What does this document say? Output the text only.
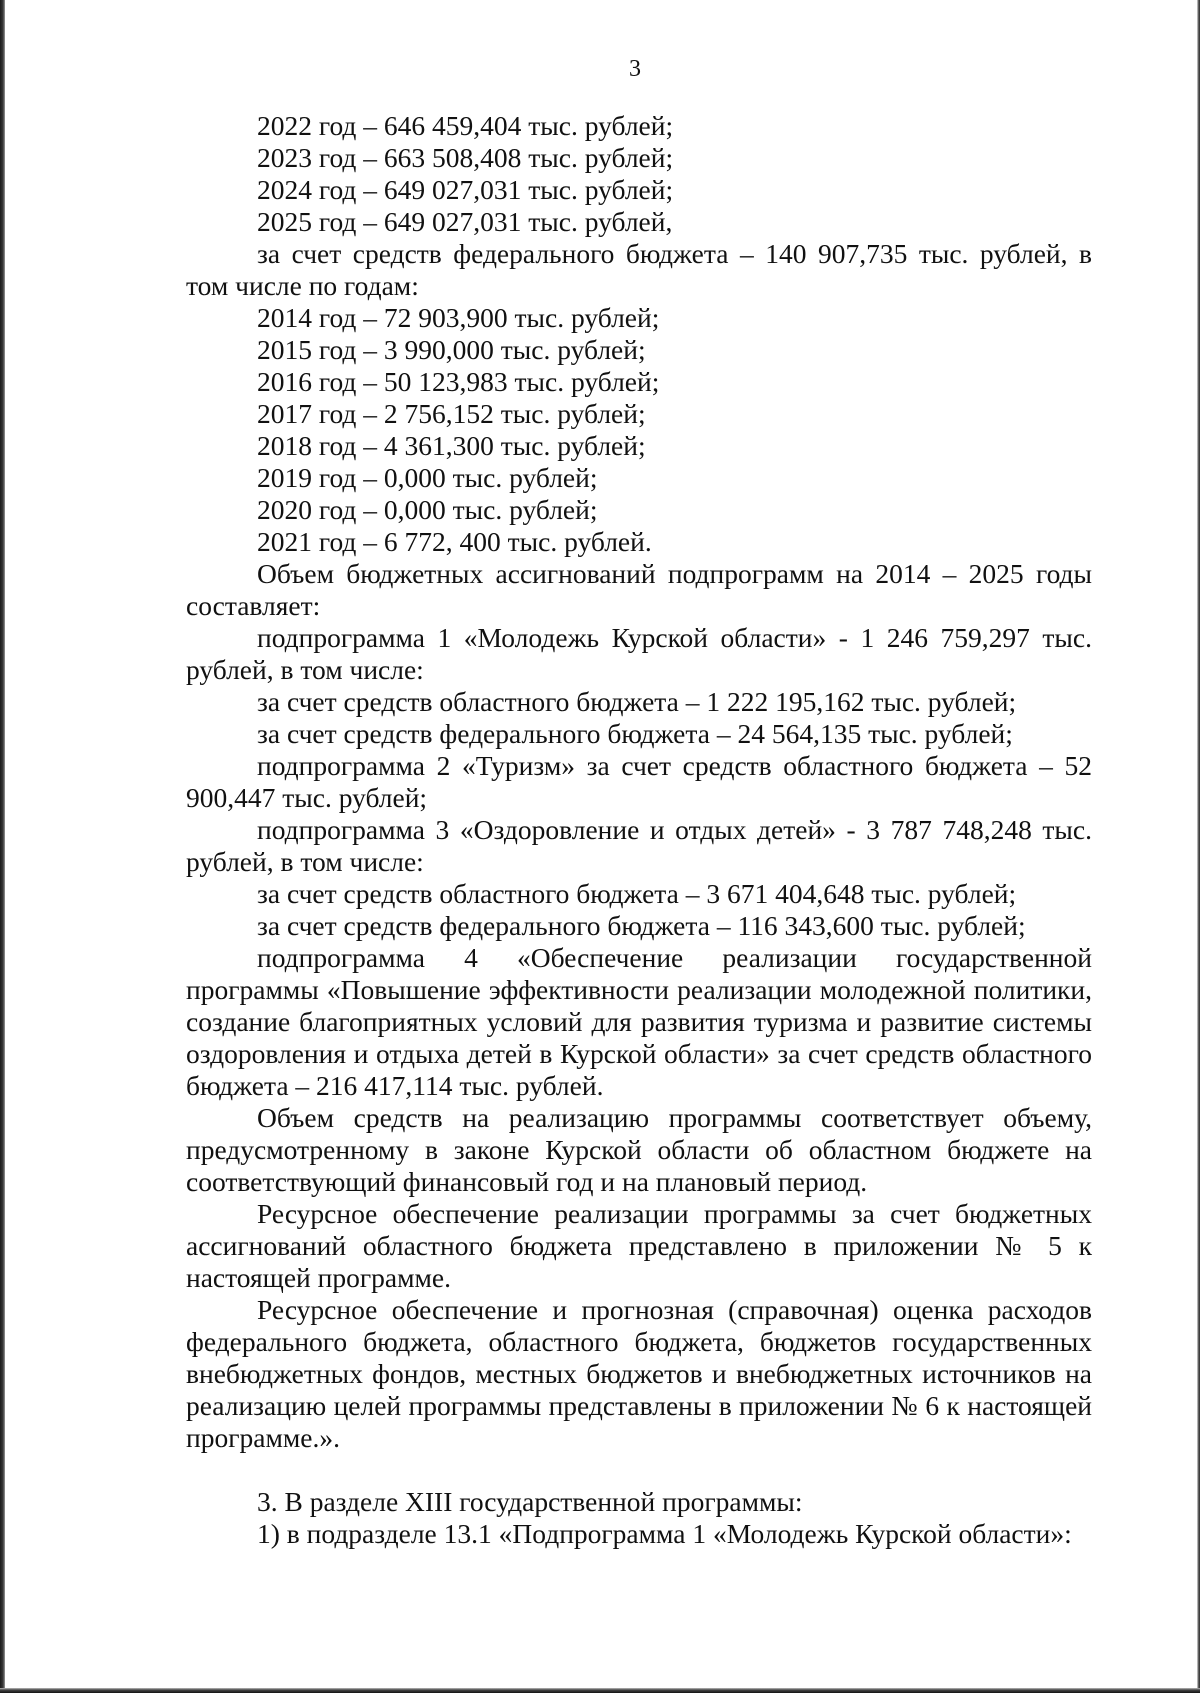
3

2022 год – 646 459,404 тыс. рублей;

2023 год – 663 508,408 тыс. рублей;

2024 год – 649 027,031 тыс. рублей;

2025 год – 649 027,031 тыс. рублей,

за счет средств федерального бюджета – 140 907,735 тыс. рублей, в том числе по годам:

2014 год – 72 903,900 тыс. рублей;

2015 год – 3 990,000 тыс. рублей;

2016 год – 50 123,983 тыс. рублей;

2017 год – 2 756,152 тыс. рублей;

2018 год – 4 361,300 тыс. рублей;

2019 год – 0,000 тыс. рублей;

2020 год – 0,000 тыс. рублей;

2021 год – 6 772, 400 тыс. рублей.

Объем бюджетных ассигнований подпрограмм на 2014 – 2025 годы составляет:

подпрограмма 1 «Молодежь Курской области» - 1 246 759,297 тыс. рублей, в том числе:

за счет средств областного бюджета – 1 222 195,162 тыс. рублей;

за счет средств федерального бюджета – 24 564,135 тыс. рублей;

подпрограмма 2 «Туризм» за счет средств областного бюджета – 52 900,447 тыс. рублей;

подпрограмма 3 «Оздоровление и отдых детей» - 3 787 748,248 тыс. рублей, в том числе:

за счет средств областного бюджета – 3 671 404,648 тыс. рублей;

за счет средств федерального бюджета – 116 343,600 тыс. рублей;

подпрограмма 4 «Обеспечение реализации государственной программы «Повышение эффективности реализации молодежной политики, создание благоприятных условий для развития туризма и развитие системы оздоровления и отдыха детей в Курской области» за счет средств областного бюджета – 216 417,114 тыс. рублей.

Объем средств на реализацию программы соответствует объему, предусмотренному в законе Курской области об областном бюджете на соответствующий финансовый год и на плановый период.

Ресурсное обеспечение реализации программы за счет бюджетных ассигнований областного бюджета представлено в приложении № 5 к настоящей программе.

Ресурсное обеспечение и прогнозная (справочная) оценка расходов федерального бюджета, областного бюджета, бюджетов государственных внебюджетных фондов, местных бюджетов и внебюджетных источников на реализацию целей программы представлены в приложении № 6 к настоящей программе.».

3. В разделе XIII государственной программы:

1) в подразделе 13.1 «Подпрограмма 1 «Молодежь Курской области»:
